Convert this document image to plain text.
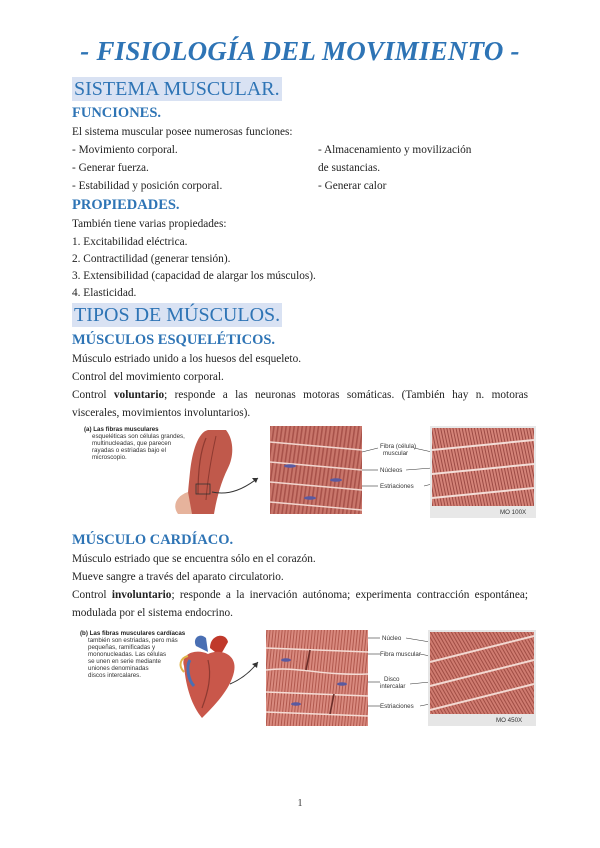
- FISIOLOGÍA DEL MOVIMIENTO -
SISTEMA MUSCULAR.
FUNCIONES.
El sistema muscular posee numerosas funciones:
- Movimiento corporal.
- Generar fuerza.
- Estabilidad y posición corporal.
- Almacenamiento y movilización
de sustancias.
- Generar calor
PROPIEDADES.
También tiene varias propiedades:
1. Excitabilidad eléctrica.
2. Contractilidad (generar tensión).
3. Extensibilidad (capacidad de alargar los músculos).
4. Elasticidad.
TIPOS DE MÚSCULOS.
MÚSCULOS ESQUELÉTICOS.
Músculo estriado unido a los huesos del esqueleto.
Control del movimiento corporal.
Control voluntario; responde a las neuronas motoras somáticas. (También hay n. motoras viscerales, movimientos involuntarios).
(a) Las fibras musculares
esqueléticas son células grandes,
multinucleadas, que parecen
rayadas o estriadas bajo el
microscopio.
Fibra (célula)
muscular
Núcleos
Estriaciones
MO 100X
MÚSCULO CARDÍACO.
Músculo estriado que se encuentra sólo en el corazón.
Mueve sangre a través del aparato circulatorio.
Control involuntario; responde a la inervación autónoma; experimenta contracción espontánea; modulada por el sistema endocrino.
(b) Las fibras musculares cardíacas
también son estriadas, pero más
pequeñas, ramificadas y
mononucleadas. Las células
se unen en serie mediante
uniones denominadas
discos intercalares.
Núcleo
Fibra muscular
Disco
intercalar
Estriaciones
MO 450X
1
